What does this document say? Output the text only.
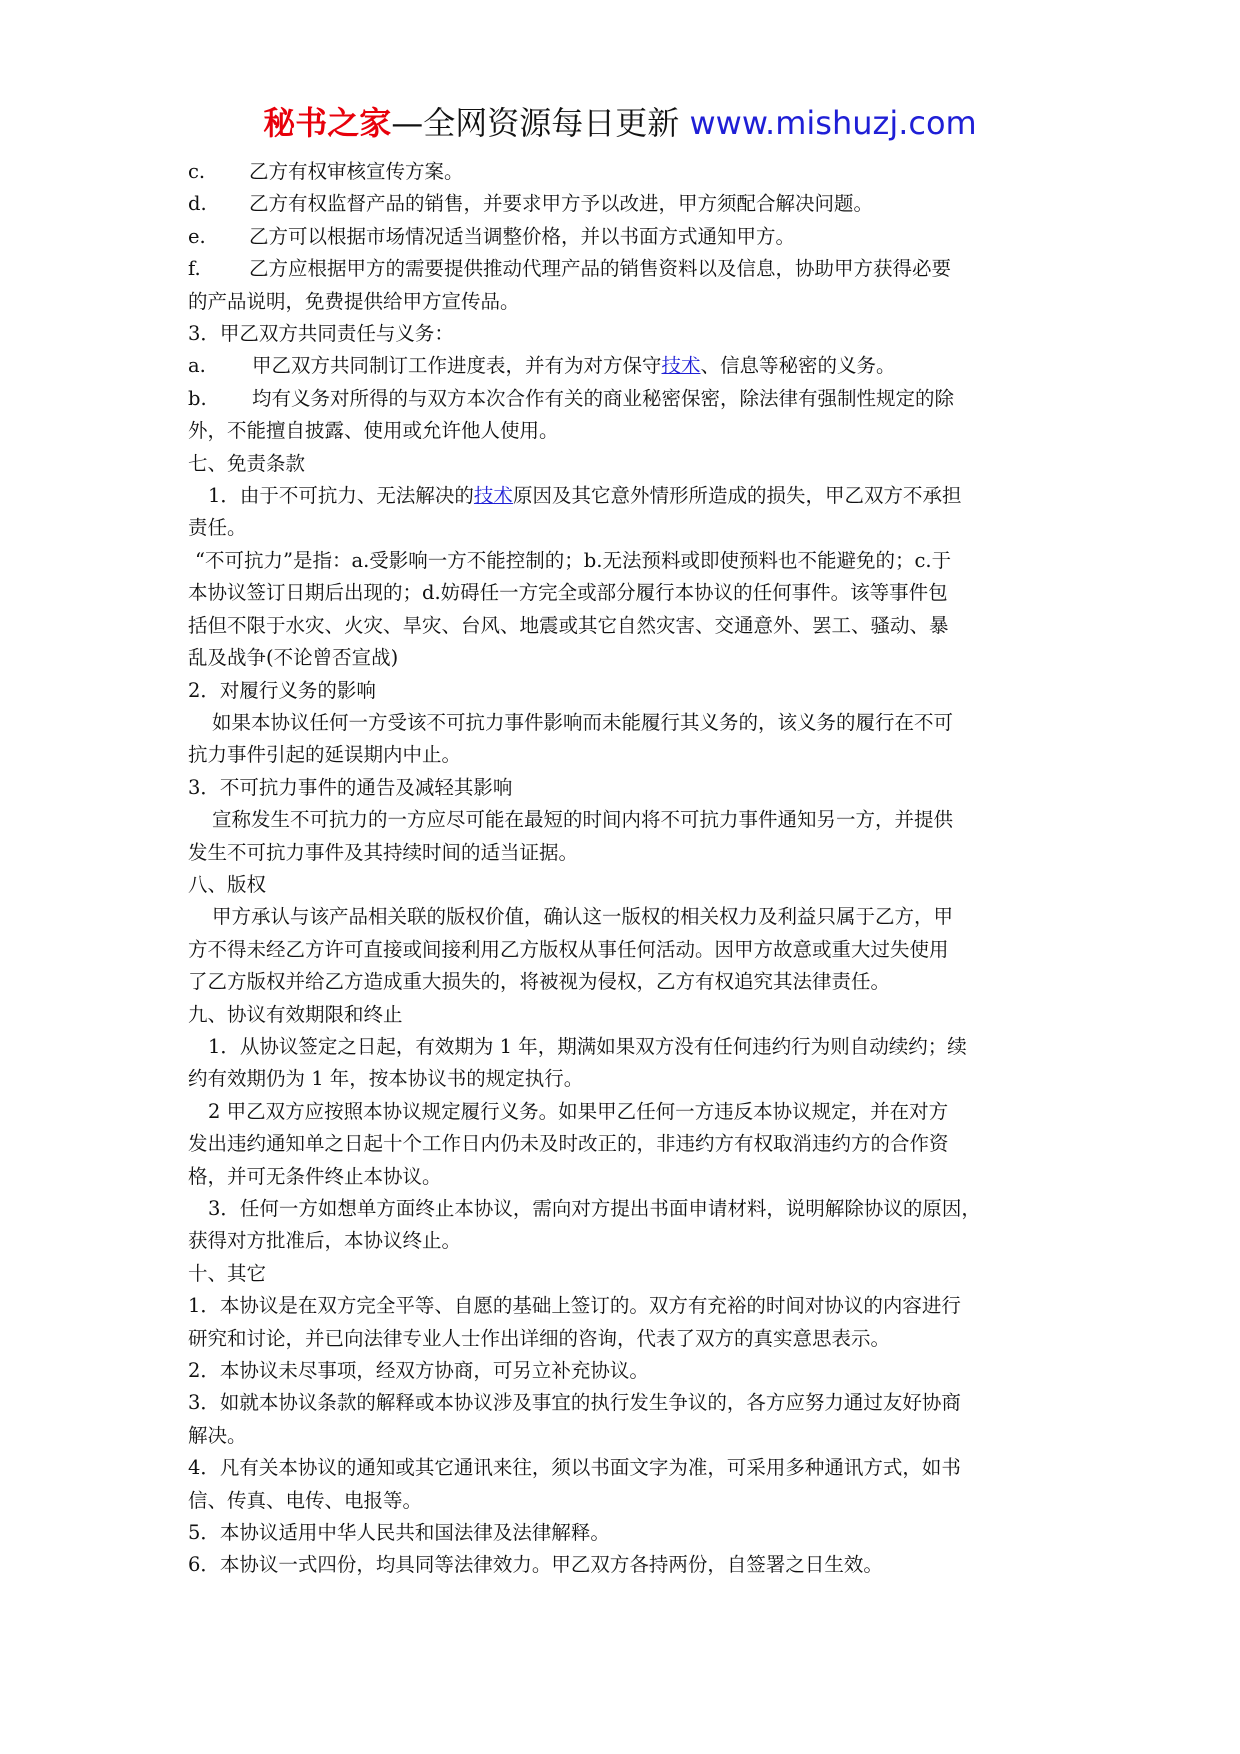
秘书之家—全网资源每日更新 www.mishuzj.com

c. 乙方有权审核宣传方案。

d. 乙方有权监督产品的销售，并要求甲方予以改进，甲方须配合解决问题。

e. 乙方可以根据市场情况适当调整价格，并以书面方式通知甲方。

f. 乙方应根据甲方的需要提供推动代理产品的销售资料以及信息，协助甲方获得必要

的产品说明，免费提供给甲方宣传品。

3．甲乙双方共同责任与义务：

a. 甲乙双方共同制订工作进度表，并有为对方保守技术、信息等秘密的义务。

b. 均有义务对所得的与双方本次合作有关的商业秘密保密，除法律有强制性规定的除

外，不能擅自披露、使用或允许他人使用。

七、免责条款

1．由于不可抗力、无法解决的技术原因及其它意外情形所造成的损失，甲乙双方不承担

责任。

“不可抗力”是指：a.受影响一方不能控制的；b.无法预料或即使预料也不能避免的；c.于

本协议签订日期后出现的；d.妨碍任一方完全或部分履行本协议的任何事件。该等事件包

括但不限于水灾、火灾、旱灾、台风、地震或其它自然灾害、交通意外、罢工、骚动、暴

乱及战争(不论曾否宣战)

2．对履行义务的影响

如果本协议任何一方受该不可抗力事件影响而未能履行其义务的，该义务的履行在不可

抗力事件引起的延误期内中止。

3．不可抗力事件的通告及减轻其影响

宣称发生不可抗力的一方应尽可能在最短的时间内将不可抗力事件通知另一方，并提供

发生不可抗力事件及其持续时间的适当证据。

八、版权

甲方承认与该产品相关联的版权价值，确认这一版权的相关权力及利益只属于乙方，甲

方不得未经乙方许可直接或间接利用乙方版权从事任何活动。因甲方故意或重大过失使用

了乙方版权并给乙方造成重大损失的，将被视为侵权，乙方有权追究其法律责任。

九、协议有效期限和终止

1．从协议签定之日起，有效期为 1 年，期满如果双方没有任何违约行为则自动续约；续

约有效期仍为 1 年，按本协议书的规定执行。

2 甲乙双方应按照本协议规定履行义务。如果甲乙任何一方违反本协议规定，并在对方

发出违约通知单之日起十个工作日内仍未及时改正的，非违约方有权取消违约方的合作资

格，并可无条件终止本协议。

3．任何一方如想单方面终止本协议，需向对方提出书面申请材料，说明解除协议的原因，

获得对方批准后，本协议终止。

十、其它

1．本协议是在双方完全平等、自愿的基础上签订的。双方有充裕的时间对协议的内容进行

研究和讨论，并已向法律专业人士作出详细的咨询，代表了双方的真实意思表示。

2．本协议未尽事项，经双方协商，可另立补充协议。

3．如就本协议条款的解释或本协议涉及事宜的执行发生争议的，各方应努力通过友好协商

解决。

4．凡有关本协议的通知或其它通讯来往，须以书面文字为准，可采用多种通讯方式，如书

信、传真、电传、电报等。

5．本协议适用中华人民共和国法律及法律解释。

6．本协议一式四份，均具同等法律效力。甲乙双方各持两份，自签署之日生效。
